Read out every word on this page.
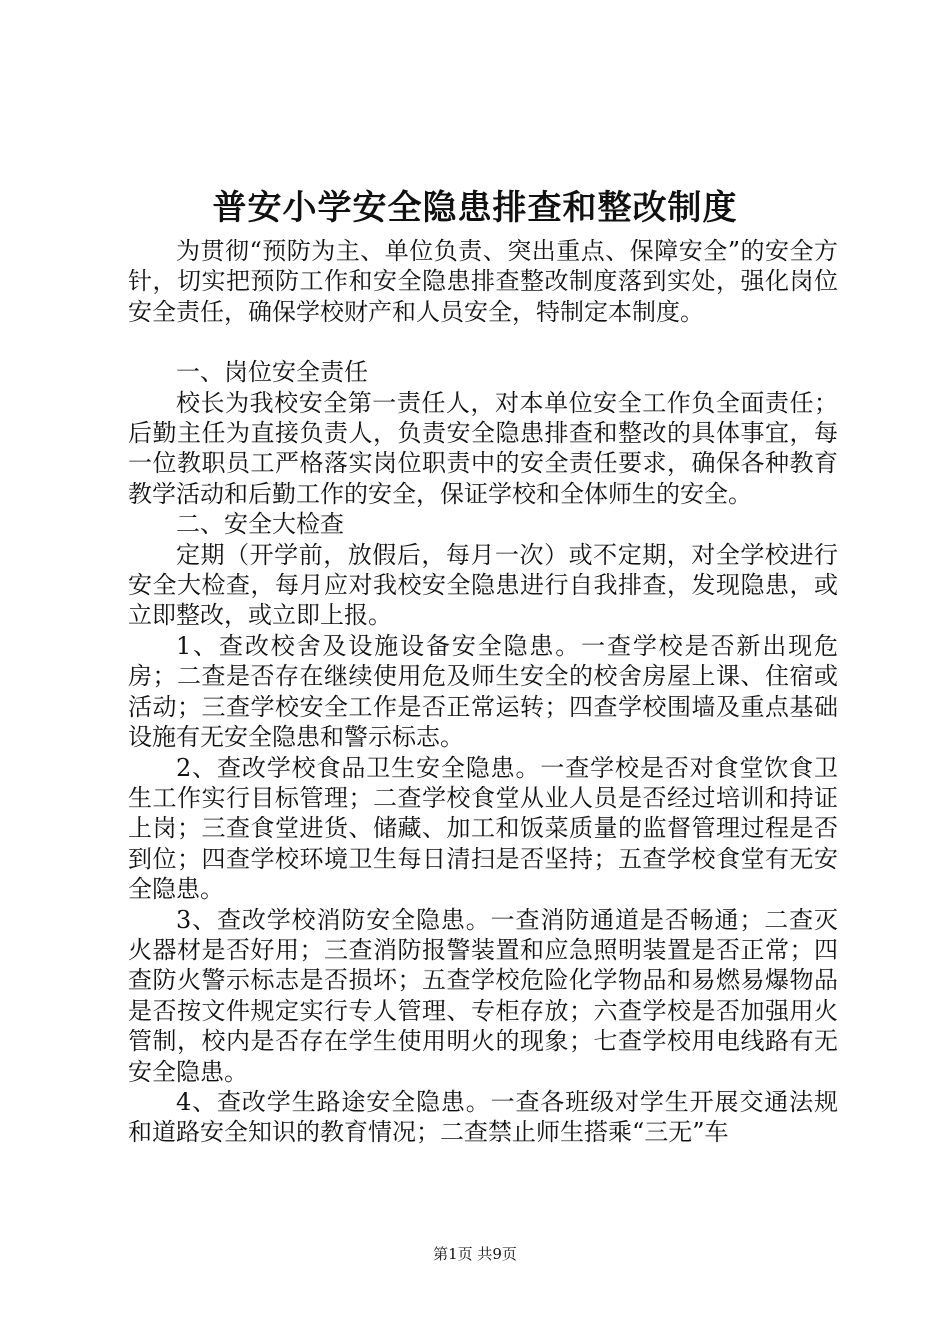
普安小学安全隐患排查和整改制度

为贯彻“预防为主、单位负责、突出重点、保障安全”的安全方针，切实把预防工作和安全隐患排查整改制度落到实处，强化岗位安全责任，确保学校财产和人员安全，特制定本制度。

一、岗位安全责任

校长为我校安全第一责任人，对本单位安全工作负全面责任；后勤主任为直接负责人，负责安全隐患排查和整改的具体事宜，每一位教职员工严格落实岗位职责中的安全责任要求，确保各种教育教学活动和后勤工作的安全，保证学校和全体师生的安全。

二、安全大检查

定期（开学前，放假后，每月一次）或不定期，对全学校进行安全大检查，每月应对我校安全隐患进行自我排查，发现隐患，或立即整改，或立即上报。

1、查改校舍及设施设备安全隐患。一查学校是否新出现危房；二查是否存在继续使用危及师生安全的校舍房屋上课、住宿或活动；三查学校安全工作是否正常运转；四查学校围墙及重点基础设施有无安全隐患和警示标志。

2、查改学校食品卫生安全隐患。一查学校是否对食堂饮食卫生工作实行目标管理；二查学校食堂从业人员是否经过培训和持证上岗；三查食堂进货、储藏、加工和饭菜质量的监督管理过程是否到位；四查学校环境卫生每日清扫是否坚持；五查学校食堂有无安全隐患。

3、查改学校消防安全隐患。一查消防通道是否畅通；二查灭火器材是否好用；三查消防报警装置和应急照明装置是否正常；四查防火警示标志是否损坏；五查学校危险化学物品和易燃易爆物品是否按文件规定实行专人管理、专柜存放；六查学校是否加强用火管制，校内是否存在学生使用明火的现象；七查学校用电线路有无安全隐患。

4、查改学生路途安全隐患。一查各班级对学生开展交通法规和道路安全知识的教育情况；二查禁止师生搭乘“三无”车

第1页 共9页
